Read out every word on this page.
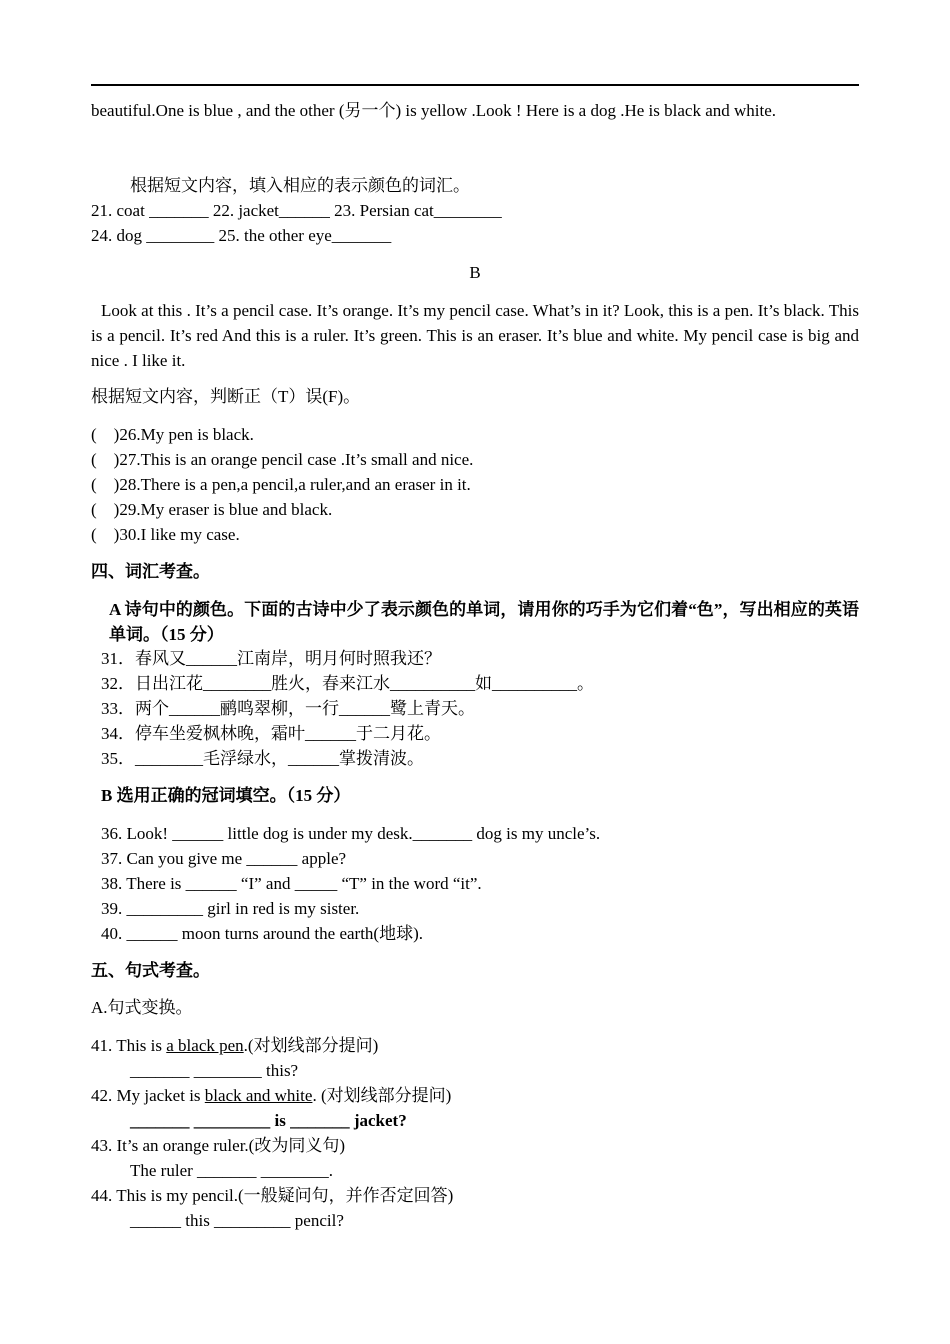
beautiful.One is blue , and the other (另一个) is yellow .Look ! Here is a dog .He is black and white.
根据短文内容，填入相应的表示颜色的词汇。
21. coat _______ 22. jacket______ 23. Persian cat________
24. dog ________ 25. the other eye_______
B
Look at this . It’s a pencil case. It’s orange. It’s my pencil case. What’s in it? Look, this is a pen. It’s black. This is a pencil. It’s red And this is a ruler. It’s green. This is an eraser. It’s blue and white. My pencil case is big and nice . I like it.
根据短文内容，判断正（T）误(F)。
(    )26.My pen is black.
(    )27.This is an orange pencil case .It’s small and nice.
(    )28.There is a pen,a pencil,a ruler,and an eraser in it.
(    )29.My eraser is blue and black.
(    )30.I like my case.
四、词汇考查。
A 诗句中的颜色。下面的古诗中少了表示颜色的单词，请用你的巧手为它们着“色”，写出相应的英语单词。（15 分）
31．春风又______江南岸，明月何时照我还？
32．日出江花________胜火，春来江水__________如__________。
33．两个______鹂鸣翠柳，一行______鹭上青天。
34．停车坐爱枫林晚，霜叶______于二月花。
35．________毛浮绿水，______掌拨清波。
B 选用正确的冠词填空。（15 分）
36. Look! ______ little dog is under my desk._______ dog is my uncle’s.
37. Can you give me ______ apple?
38. There is ______ “I” and _____ “T” in the word “it”.
39. _________ girl in red is my sister.
40. ______ moon turns around the earth(地球).
五、句式考查。
A.句式变换。
41. This is a black pen.(对划线部分提问)
_______ ________ this?
42. My jacket is black and white. (对划线部分提问)
_______ _________ is _______ jacket?
43. It’s an orange ruler.(改为同义句)
The ruler _______ ________.
44. This is my pencil.(一般疑问句，并作否定回答)
______ this _________ pencil?
